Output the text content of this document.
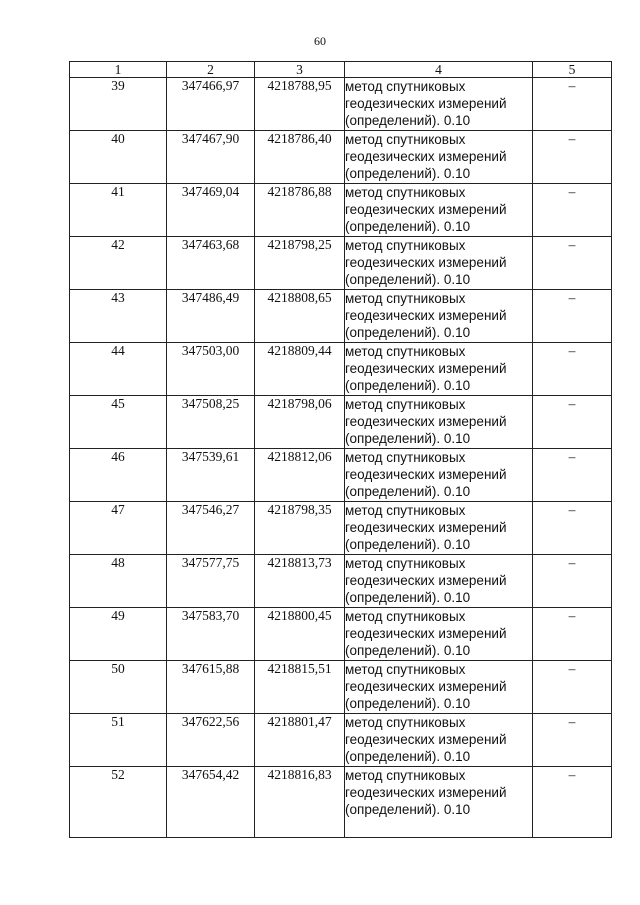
60
1	2	3	4	5
39	347466,97	4218788,95	метод спутниковых
геодезических измерений
(определений). 0.10	–
40	347467,90	4218786,40	метод спутниковых
геодезических измерений
(определений). 0.10	–
41	347469,04	4218786,88	метод спутниковых
геодезических измерений
(определений). 0.10	–
42	347463,68	4218798,25	метод спутниковых
геодезических измерений
(определений). 0.10	–
43	347486,49	4218808,65	метод спутниковых
геодезических измерений
(определений). 0.10	–
44	347503,00	4218809,44	метод спутниковых
геодезических измерений
(определений). 0.10	–
45	347508,25	4218798,06	метод спутниковых
геодезических измерений
(определений). 0.10	–
46	347539,61	4218812,06	метод спутниковых
геодезических измерений
(определений). 0.10	–
47	347546,27	4218798,35	метод спутниковых
геодезических измерений
(определений). 0.10	–
48	347577,75	4218813,73	метод спутниковых
геодезических измерений
(определений). 0.10	–
49	347583,70	4218800,45	метод спутниковых
геодезических измерений
(определений). 0.10	–
50	347615,88	4218815,51	метод спутниковых
геодезических измерений
(определений). 0.10	–
51	347622,56	4218801,47	метод спутниковых
геодезических измерений
(определений). 0.10	–
52	347654,42	4218816,83	метод спутниковых
геодезических измерений
(определений). 0.10	–
